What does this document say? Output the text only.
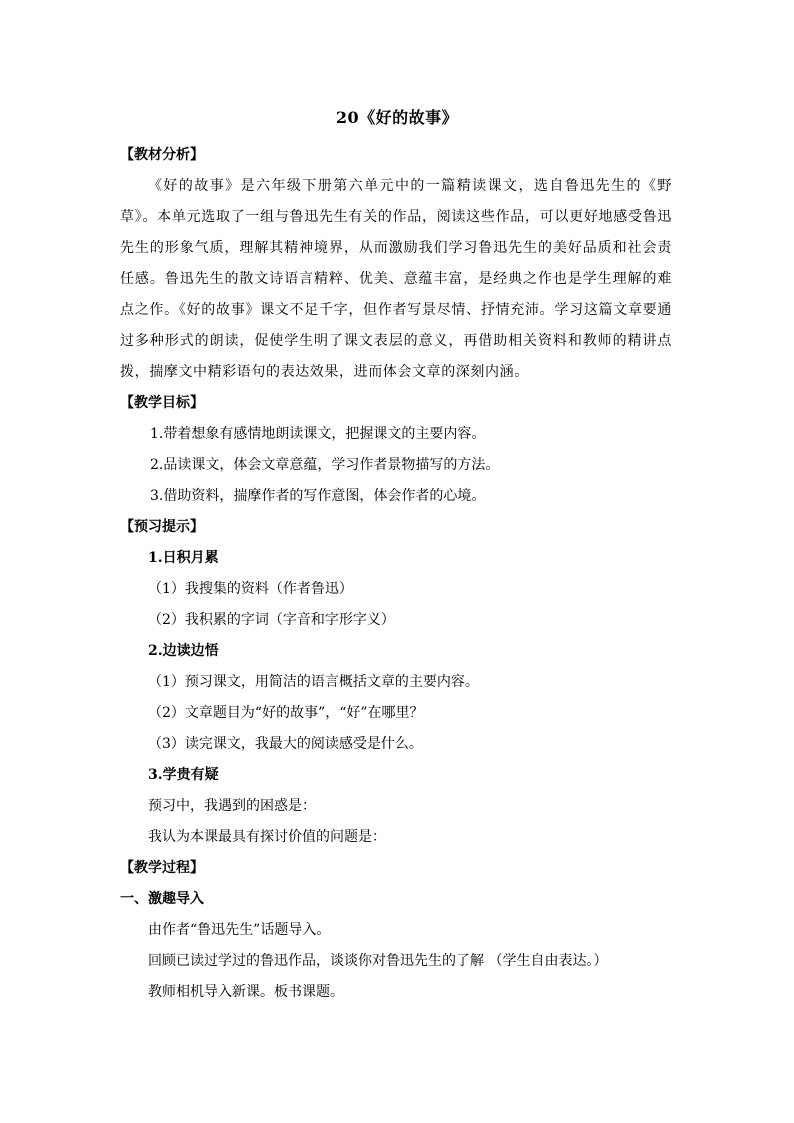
20《好的故事》

【教材分析】

《好的故事》是六年级下册第六单元中的一篇精读课文，选自鲁迅先生的《野草》。本单元选取了一组与鲁迅先生有关的作品，阅读这些作品，可以更好地感受鲁迅先生的形象气质，理解其精神境界，从而激励我们学习鲁迅先生的美好品质和社会责任感。鲁迅先生的散文诗语言精粹、优美、意蕴丰富，是经典之作也是学生理解的难点之作。《好的故事》课文不足千字，但作者写景尽情、抒情充沛。学习这篇文章要通过多种形式的朗读，促使学生明了课文表层的意义，再借助相关资料和教师的精讲点拨，揣摩文中精彩语句的表达效果，进而体会文章的深刻内涵。

【教学目标】

1.带着想象有感情地朗读课文，把握课文的主要内容。

2.品读课文，体会文章意蕴，学习作者景物描写的方法。

3.借助资料，揣摩作者的写作意图，体会作者的心境。

【预习提示】

1.日积月累

（1）我搜集的资料（作者鲁迅）

（2）我积累的字词（字音和字形字义）

2.边读边悟

（1）预习课文，用简洁的语言概括文章的主要内容。

（2）文章题目为“好的故事”，“好”在哪里？

（3）读完课文，我最大的阅读感受是什么。

3.学贵有疑

预习中，我遇到的困惑是：

我认为本课最具有探讨价值的问题是：

【教学过程】

一、激趣导入

由作者“鲁迅先生”话题导入。

回顾已读过学过的鲁迅作品，谈谈你对鲁迅先生的了解 （学生自由表达。）

教师相机导入新课。板书课题。
